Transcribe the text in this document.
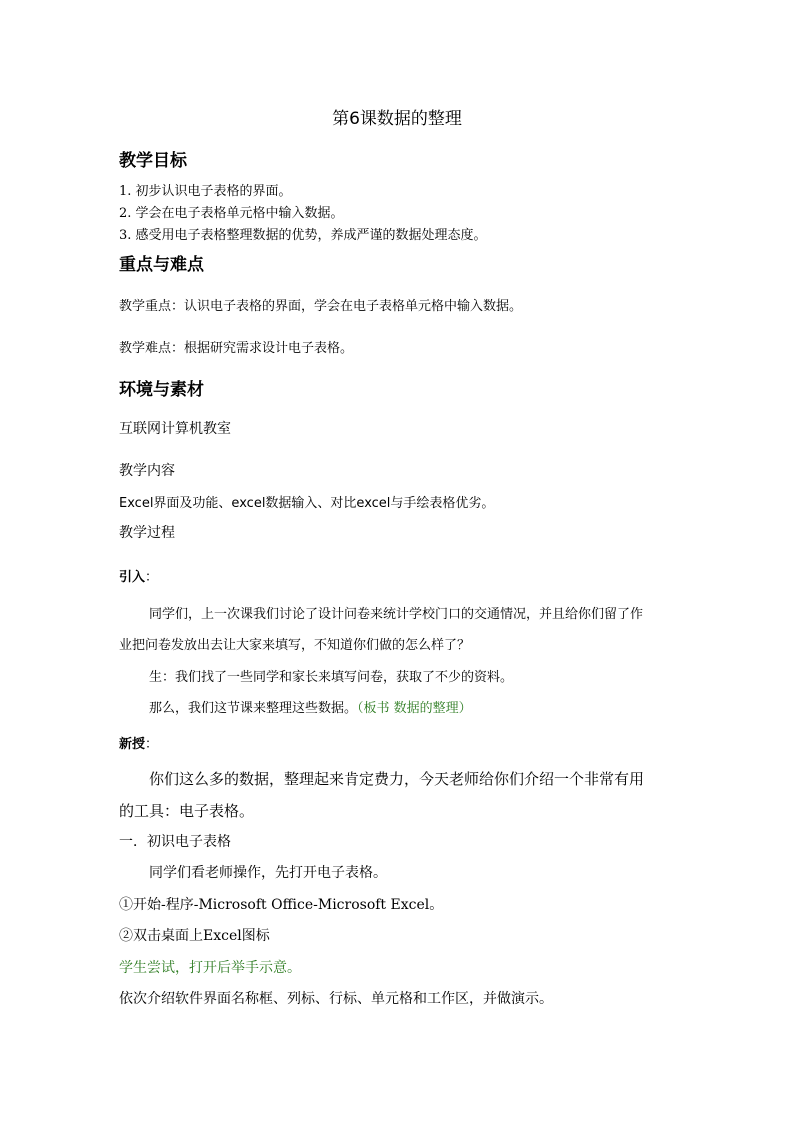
第6课数据的整理
教学目标
1. 初步认识电子表格的界面。
2. 学会在电子表格单元格中输入数据。
3. 感受用电子表格整理数据的优势，养成严谨的数据处理态度。
重点与难点
教学重点：认识电子表格的界面，学会在电子表格单元格中输入数据。
教学难点：根据研究需求设计电子表格。
环境与素材
互联网计算机教室
教学内容
Excel界面及功能、excel数据输入、对比excel与手绘表格优劣。
教学过程
引入：
同学们，上一次课我们讨论了设计问卷来统计学校门口的交通情况，并且给你们留了作
业把问卷发放出去让大家来填写，不知道你们做的怎么样了？
生：我们找了一些同学和家长来填写问卷，获取了不少的资料。
那么，我们这节课来整理这些数据。（板书 数据的整理）
新授：
你们这么多的数据，整理起来肯定费力，今天老师给你们介绍一个非常有用
的工具：电子表格。
一．初识电子表格
同学们看老师操作，先打开电子表格。
①开始-程序-Microsoft Office-Microsoft Excel。
②双击桌面上Excel图标
学生尝试，打开后举手示意。
依次介绍软件界面名称框、列标、行标、单元格和工作区，并做演示。
